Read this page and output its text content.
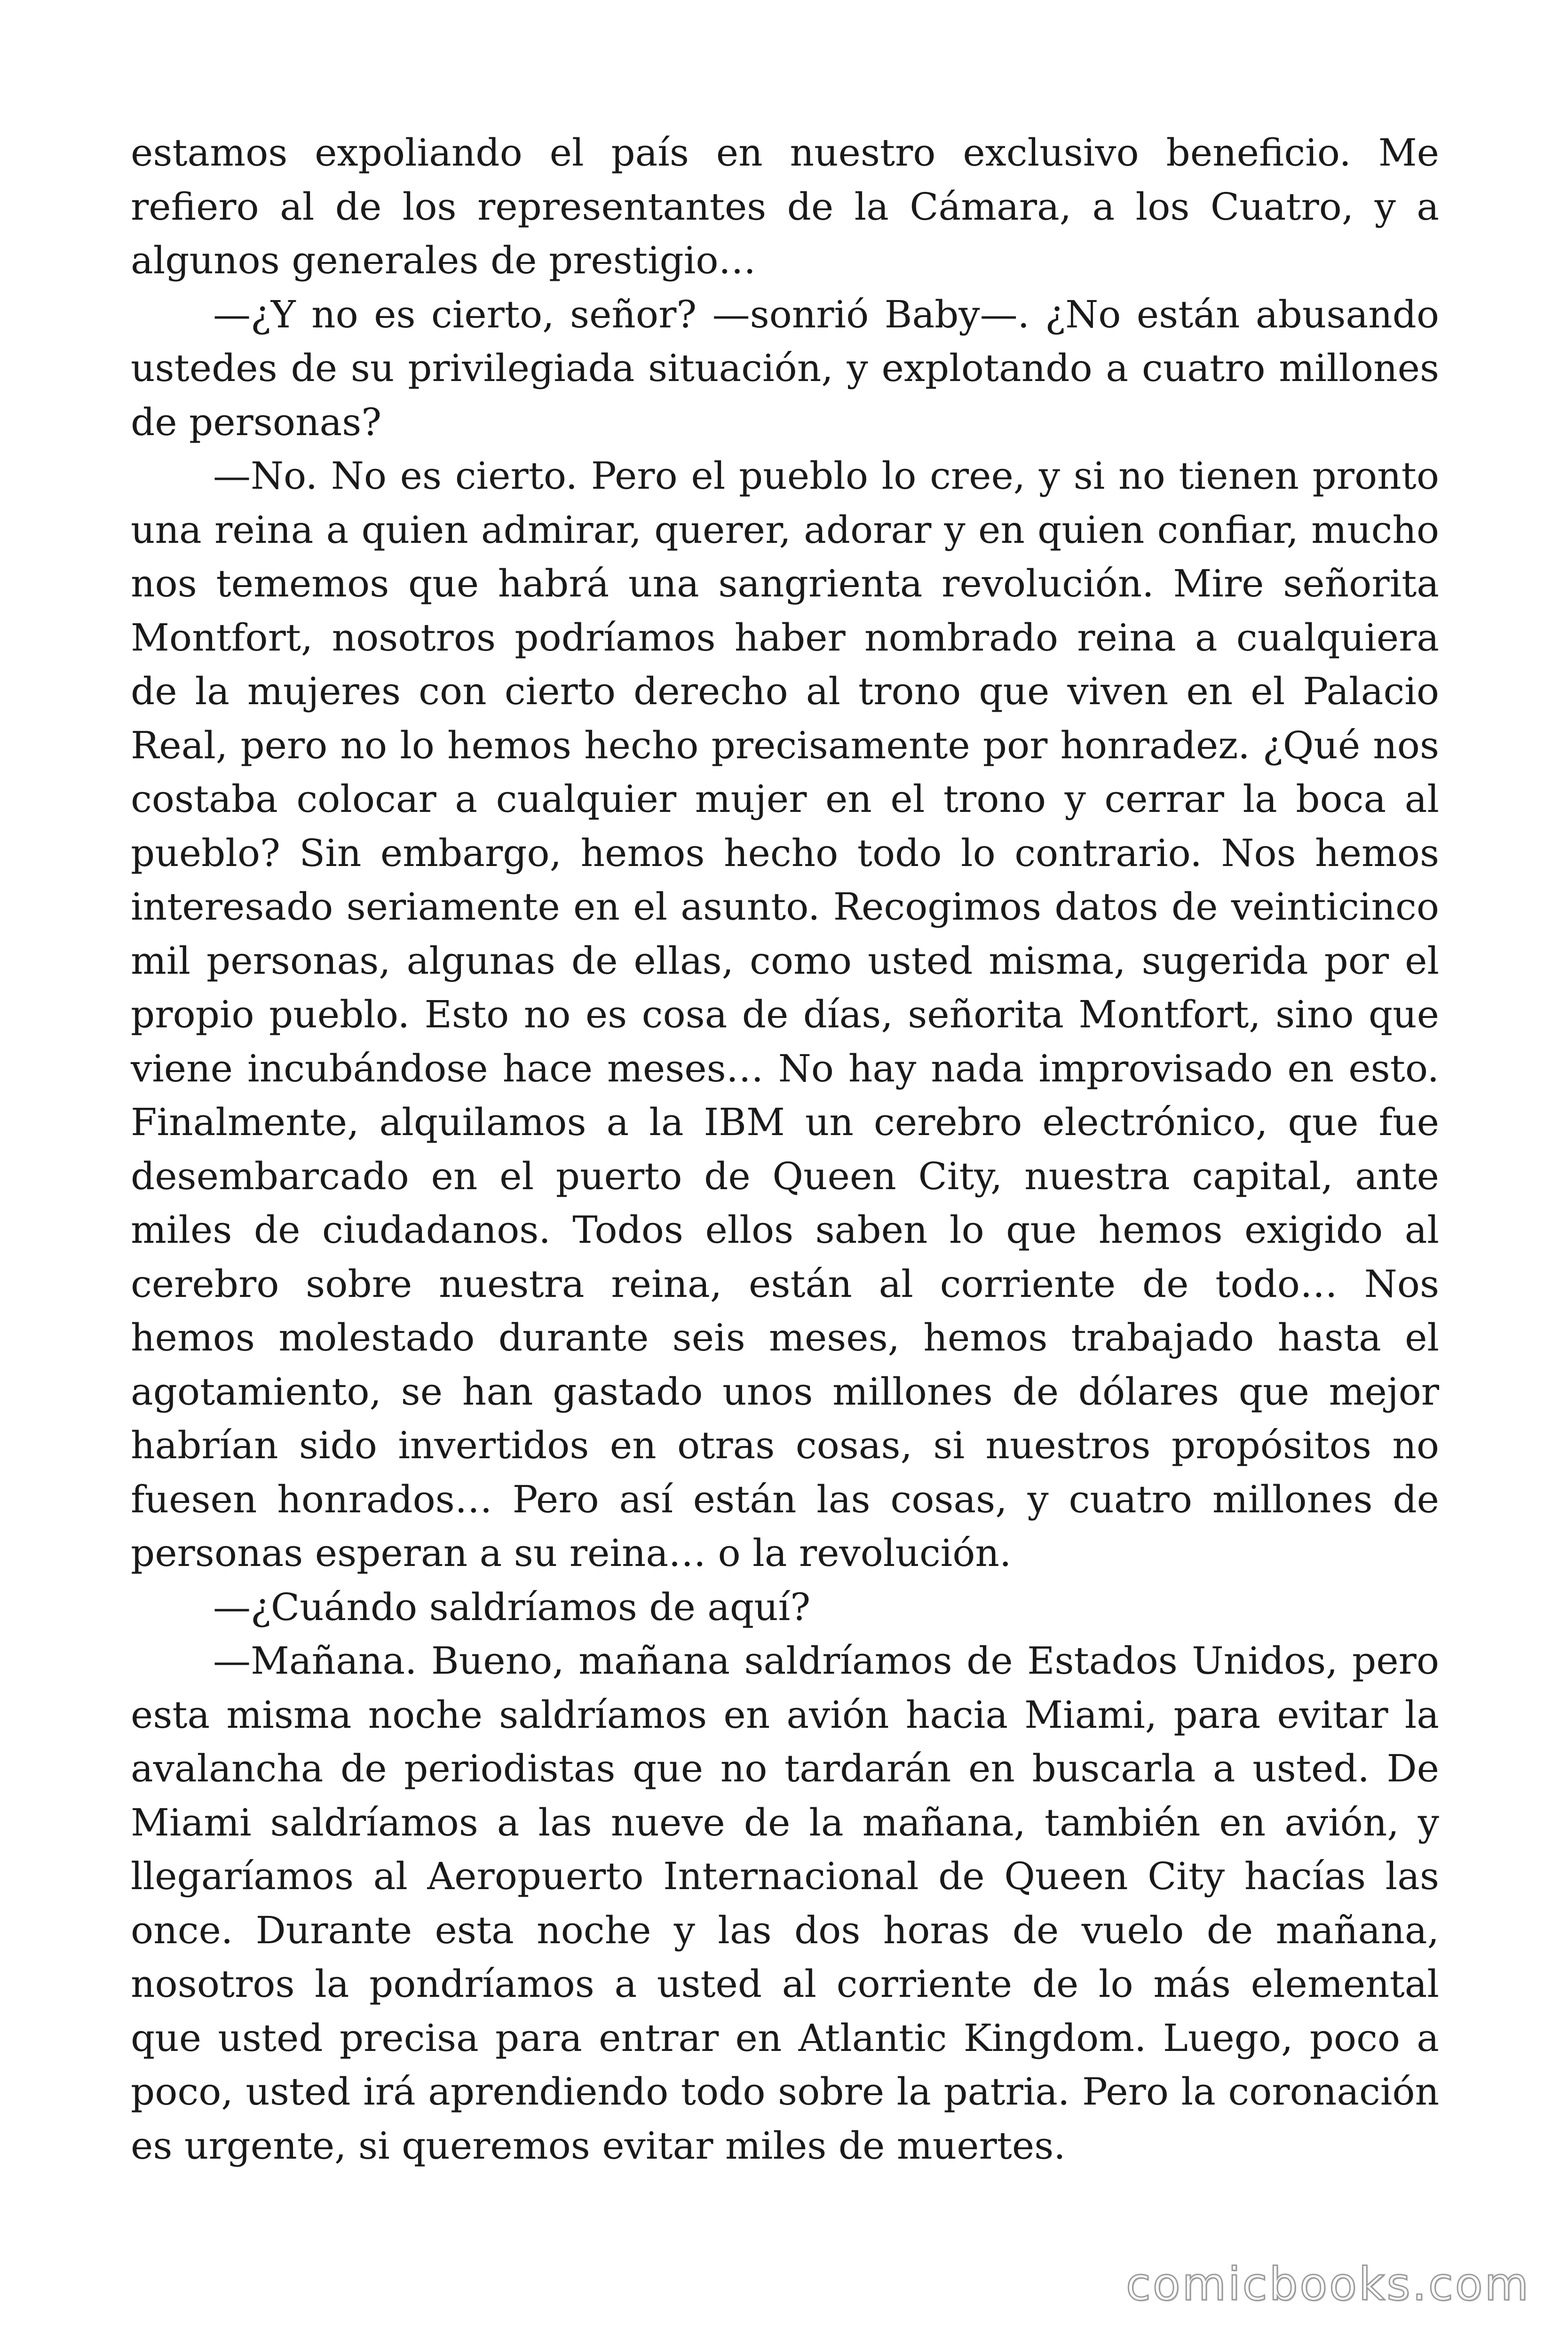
estamos expoliando el país en nuestro exclusivo beneficio. Me refiero al de los representantes de la Cámara, a los Cuatro, y a algunos generales de prestigio…

—¿Y no es cierto, señor? —sonrió Baby—. ¿No están abusando ustedes de su privilegiada situación, y explotando a cuatro millones de personas?

—No. No es cierto. Pero el pueblo lo cree, y si no tienen pronto una reina a quien admirar, querer, adorar y en quien confiar, mucho nos tememos que habrá una sangrienta revolución. Mire señorita Montfort, nosotros podríamos haber nombrado reina a cualquiera de la mujeres con cierto derecho al trono que viven en el Palacio Real, pero no lo hemos hecho precisamente por honradez. ¿Qué nos costaba colocar a cualquier mujer en el trono y cerrar la boca al pueblo? Sin embargo, hemos hecho todo lo contrario. Nos hemos interesado seriamente en el asunto. Recogimos datos de veinticinco mil personas, algunas de ellas, como usted misma, sugerida por el propio pueblo. Esto no es cosa de días, señorita Montfort, sino que viene incubándose hace meses… No hay nada improvisado en esto. Finalmente, alquilamos a la IBM un cerebro electrónico, que fue desembarcado en el puerto de Queen City, nuestra capital, ante miles de ciudadanos. Todos ellos saben lo que hemos exigido al cerebro sobre nuestra reina, están al corriente de todo… Nos hemos molestado durante seis meses, hemos trabajado hasta el agotamiento, se han gastado unos millones de dólares que mejor habrían sido invertidos en otras cosas, si nuestros propósitos no fuesen honrados… Pero así están las cosas, y cuatro millones de personas esperan a su reina… o la revolución.

—¿Cuándo saldríamos de aquí?

—Mañana. Bueno, mañana saldríamos de Estados Unidos, pero esta misma noche saldríamos en avión hacia Miami, para evitar la avalancha de periodistas que no tardarán en buscarla a usted. De Miami saldríamos a las nueve de la mañana, también en avión, y llegaríamos al Aeropuerto Internacional de Queen City hacías las once. Durante esta noche y las dos horas de vuelo de mañana, nosotros la pondríamos a usted al corriente de lo más elemental que usted precisa para entrar en Atlantic Kingdom. Luego, poco a poco, usted irá aprendiendo todo sobre la patria. Pero la coronación es urgente, si queremos evitar miles de muertes.

comicbooks.com
